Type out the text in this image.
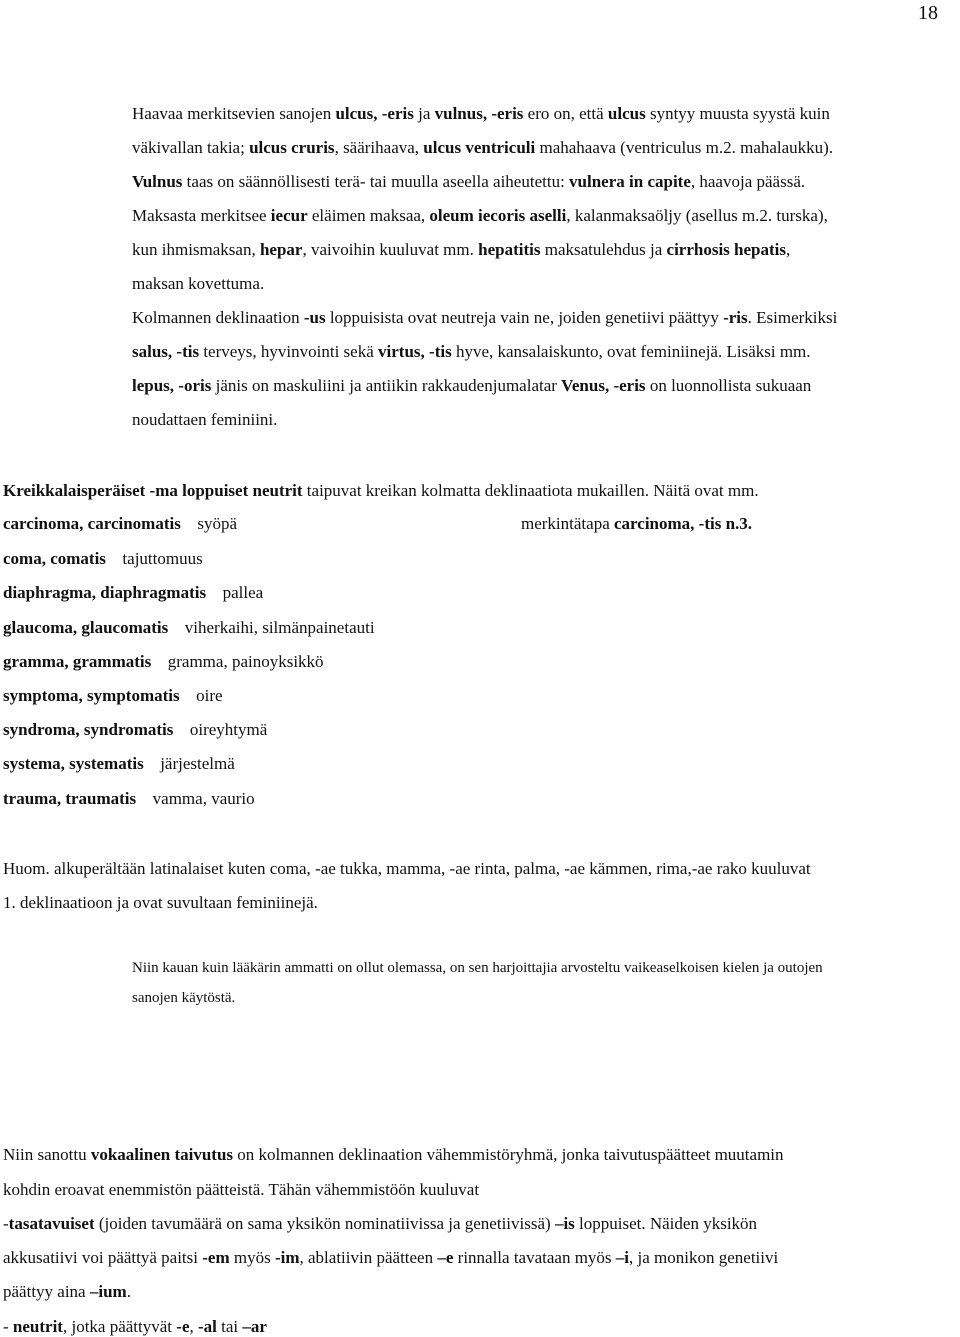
18
Haavaa merkitsevien sanojen ulcus, -eris ja vulnus, -eris ero on, että ulcus syntyy muusta syystä kuin
väkivallan takia; ulcus cruris, säärihaava, ulcus ventriculi mahahaava (ventriculus m.2. mahalaukku).
Vulnus taas on säännöllisesti terä- tai muulla aseella aiheutettu: vulnera in capite, haavoja päässä.
Maksasta merkitsee iecur eläimen maksaa, oleum iecoris aselli, kalanmaksaöljy (asellus m.2. turska),
kun ihmismaksan, hepar, vaivoihin kuuluvat mm. hepatitis maksatulehdus ja cirrhosis hepatis,
maksan kovettuma.
Kolmannen deklinaation -us loppuisista ovat neutreja vain ne, joiden genetiivi päättyy -ris. Esimerkiksi
salus, -tis terveys, hyvinvointi sekä virtus, -tis hyve, kansalaiskunto, ovat feminiinejä. Lisäksi mm.
lepus, -oris jänis on maskuliini ja antiikin rakkaudenjumalatar Venus, -eris on luonnollista sukuaan
noudattaen feminiini.
Kreikkalaisperäiset -ma loppuiset neutrit taipuvat kreikan kolmatta deklinaatiota mukaillen. Näitä ovat mm.
carcinoma, carcinomatis  syöpä
coma, comatis  tajuttomuus
diaphragma, diaphragmatis  pallea
glaucoma, glaucomatis  viherkaihi, silmänpainetauti
gramma, grammatis  gramma, painoyksikkö
symptoma, symptomatis  oire
syndroma, syndromatis  oireyhtymä
systema, systematis  järjestelmä
trauma, traumatis  vamma, vaurio
merkintätapa carcinoma, -tis n.3.
Huom. alkuperältään latinalaiset kuten coma, -ae tukka, mamma, -ae rinta, palma, -ae kämmen, rima,-ae rako kuuluvat
1. deklinaatioon ja ovat suvultaan feminiinejä.
Niin kauan kuin lääkärin ammatti on ollut olemassa, on sen harjoittajia arvosteltu vaikeaselkoisen kielen ja outojen
sanojen käytöstä.
Niin sanottu vokaalinen taivutus on kolmannen deklinaation vähemmistöryhmä, jonka taivutuspäätteet muutamin
kohdin eroavat enemmistön päätteistä. Tähän vähemmistöön kuuluvat
-tasatavuiset (joiden tavumäärä on sama yksikön nominatiivissa ja genetiivissä) –is loppuiset. Näiden yksikön
akkusatiivi voi päättyä paitsi -em myös -im, ablatiivin päätteen –e rinnalla tavataan myös –i, ja monikon genetiivi
päättyy aina –ium.
- neutrit, jotka päättyvät -e, -al tai –ar
